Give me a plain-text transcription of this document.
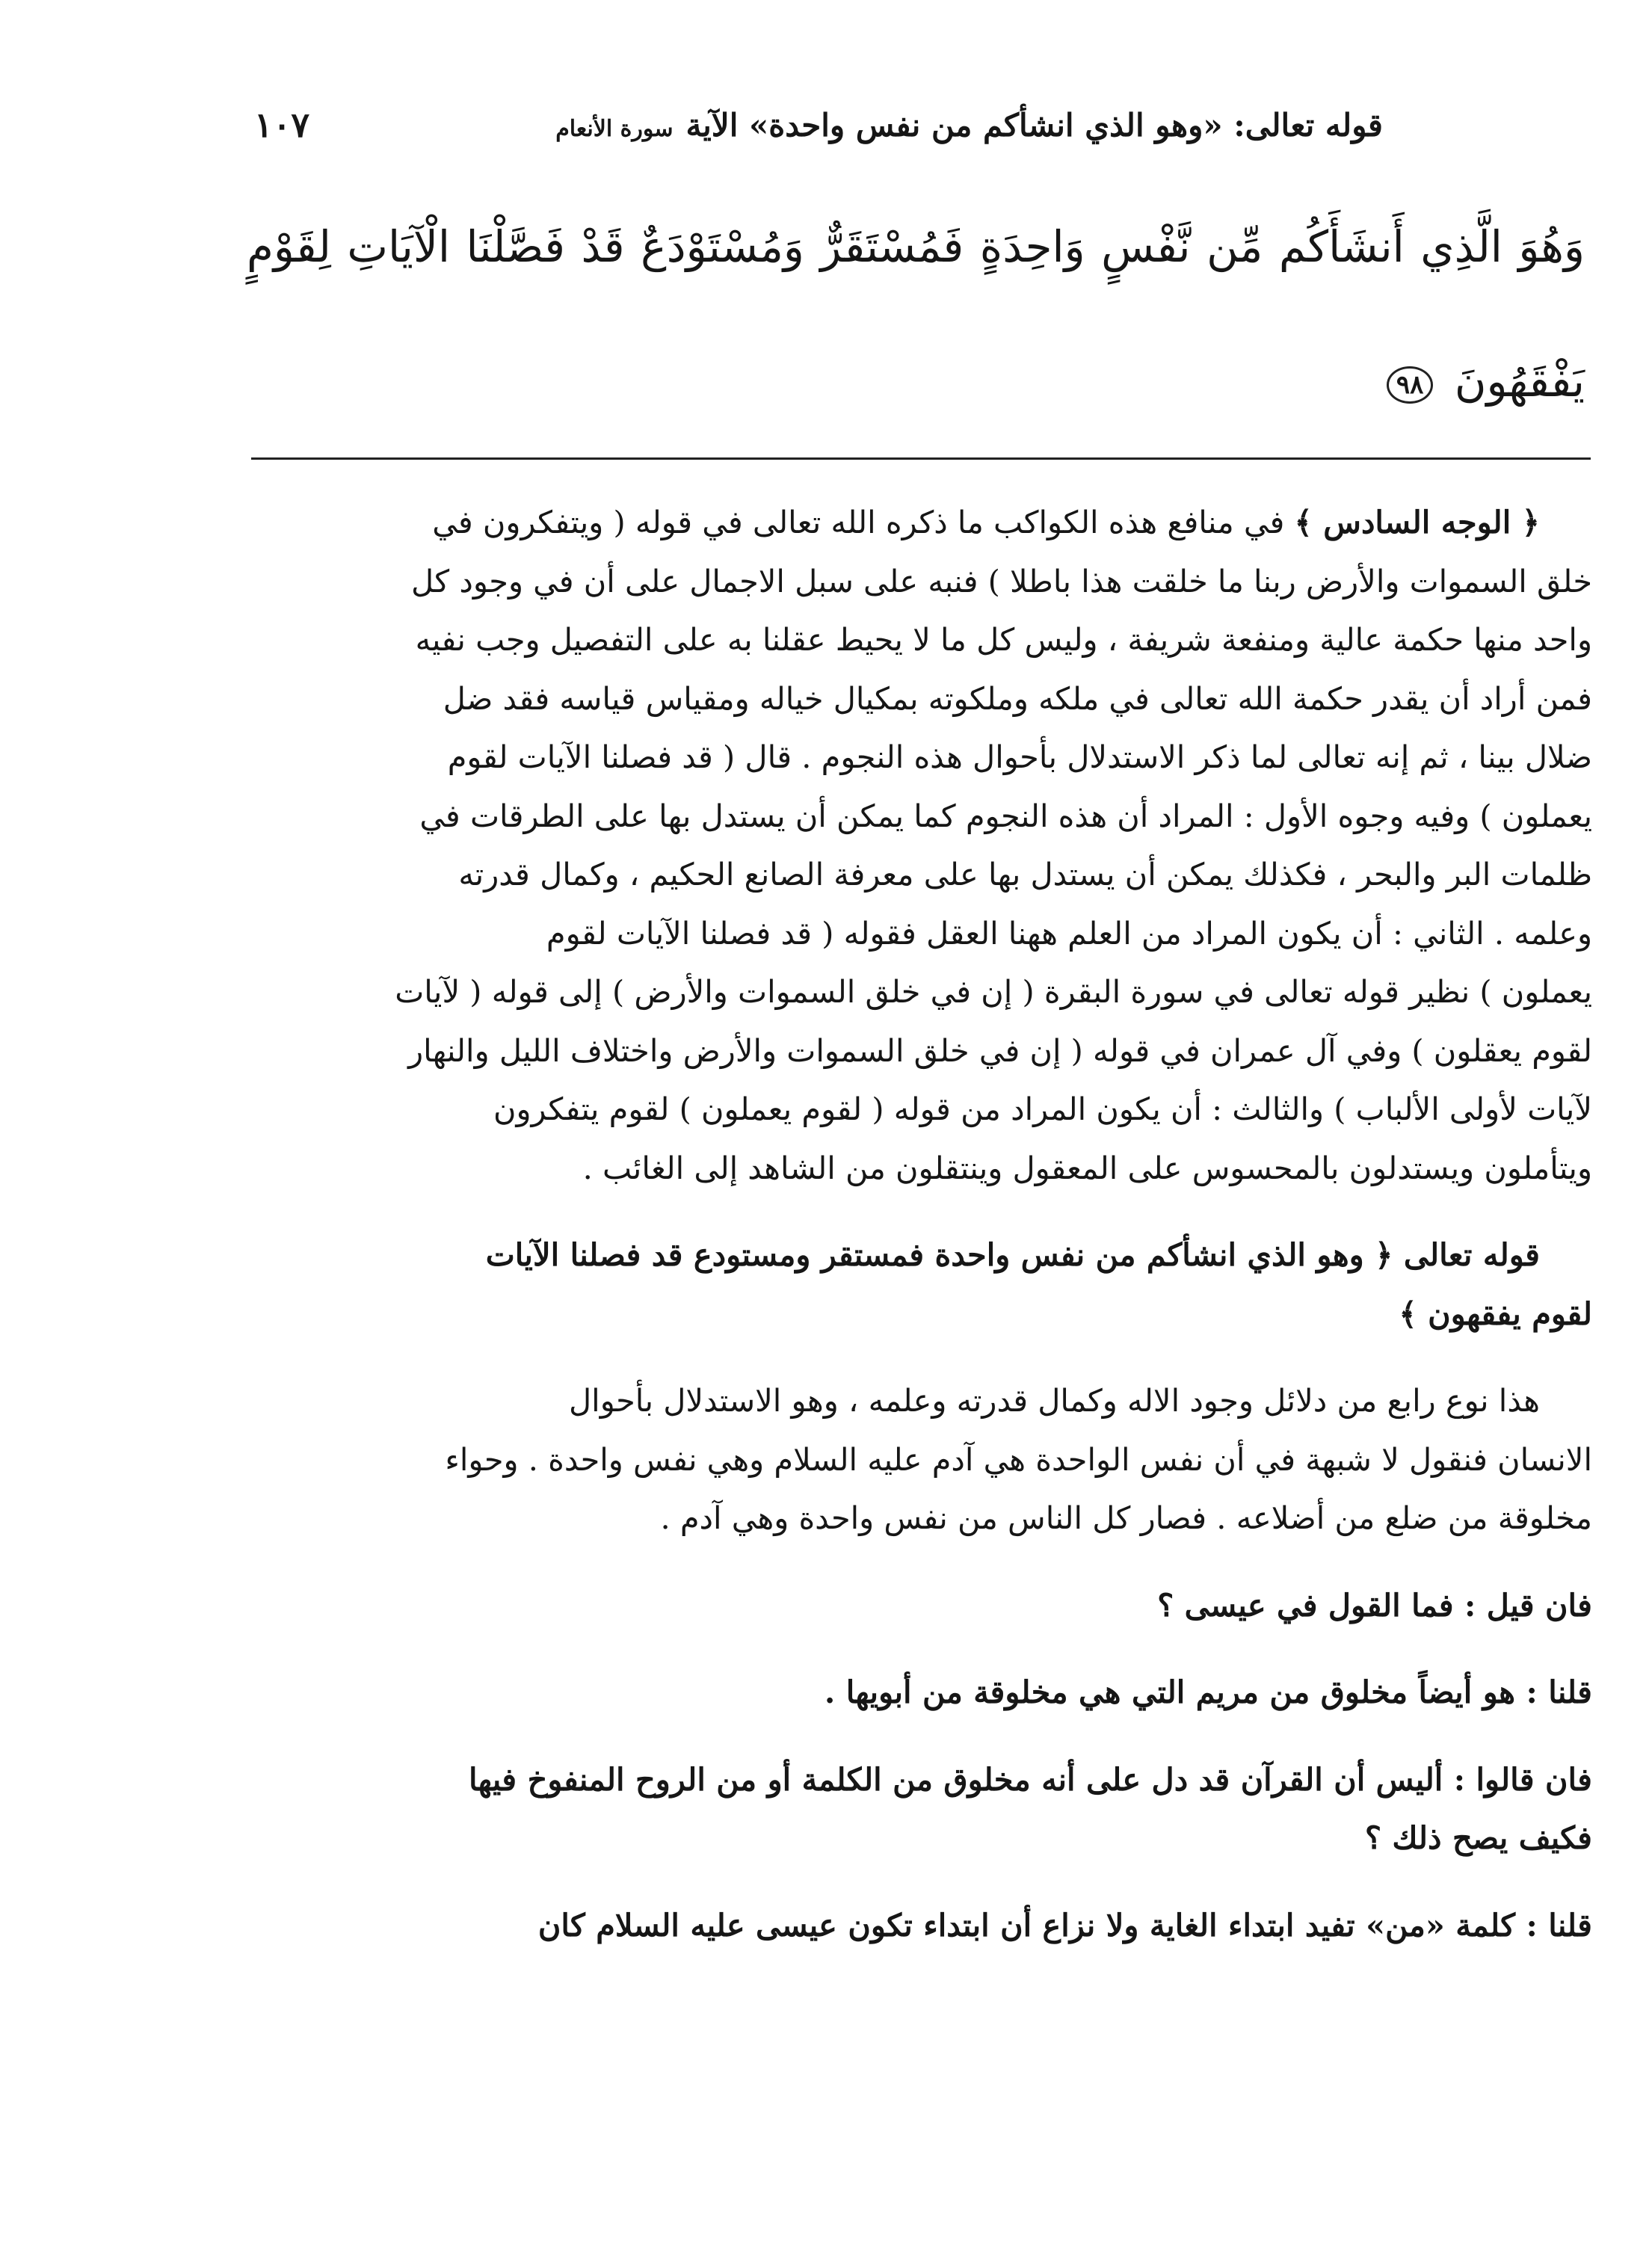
قوله تعالى: «وهو الذي انشأكم من نفس واحدة» الآية سورة الأنعام
١٠٧
وَهُوَ الَّذِي أَنشَأَكُم مِّن نَّفْسٍ وَاحِدَةٍ فَمُسْتَقَرٌّ وَمُسْتَوْدَعٌ قَدْ فَصَّلْنَا الْآيَاتِ لِقَوْمٍ يَفْقَهُونَ ٩٨

﴿ الوجه السادس ﴾ في منافع هذه الكواكب ما ذكره الله تعالى في قوله ( ويتفكرون في

خلق السموات والأرض ربنا ما خلقت هذا باطلا ) فنبه على سبل الاجمال على أن في وجود كل

واحد منها حكمة عالية ومنفعة شريفة ، وليس كل ما لا يحيط عقلنا به على التفصيل وجب نفيه

فمن أراد أن يقدر حكمة الله تعالى في ملكه وملكوته بمكيال خياله ومقياس قياسه فقد ضل

ضلال بينا ، ثم إنه تعالى لما ذكر الاستدلال بأحوال هذه النجوم . قال ( قد فصلنا الآيات لقوم

يعملون ) وفيه وجوه الأول : المراد أن هذه النجوم كما يمكن أن يستدل بها على الطرقات في

ظلمات البر والبحر ، فكذلك يمكن أن يستدل بها على معرفة الصانع الحكيم ، وكمال قدرته

وعلمه . الثاني : أن يكون المراد من العلم ههنا العقل فقوله ( قد فصلنا الآيات لقوم

يعملون ) نظير قوله تعالى في سورة البقرة ( إن في خلق السموات والأرض ) إلى قوله ( لآيات

لقوم يعقلون ) وفي آل عمران في قوله ( إن في خلق السموات والأرض واختلاف الليل والنهار

لآيات لأولى الألباب ) والثالث : أن يكون المراد من قوله ( لقوم يعملون ) لقوم يتفكرون

ويتأملون ويستدلون بالمحسوس على المعقول وينتقلون من الشاهد إلى الغائب .

قوله تعالى ﴿ وهو الذي انشأكم من نفس واحدة فمستقر ومستودع قد فصلنا الآيات

لقوم يفقهون ﴾

هذا نوع رابع من دلائل وجود الاله وكمال قدرته وعلمه ، وهو الاستدلال بأحوال

الانسان فنقول لا شبهة في أن نفس الواحدة هي آدم عليه السلام وهي نفس واحدة . وحواء

مخلوقة من ضلع من أضلاعه . فصار كل الناس من نفس واحدة وهي آدم .

فان قيل : فما القول في عيسى ؟

قلنا : هو أيضاً مخلوق من مريم التي هي مخلوقة من أبويها .

فان قالوا : أليس أن القرآن قد دل على أنه مخلوق من الكلمة أو من الروح المنفوخ فيها

فكيف يصح ذلك ؟

قلنا : كلمة «من» تفيد ابتداء الغاية ولا نزاع أن ابتداء تكون عيسى عليه السلام كان
